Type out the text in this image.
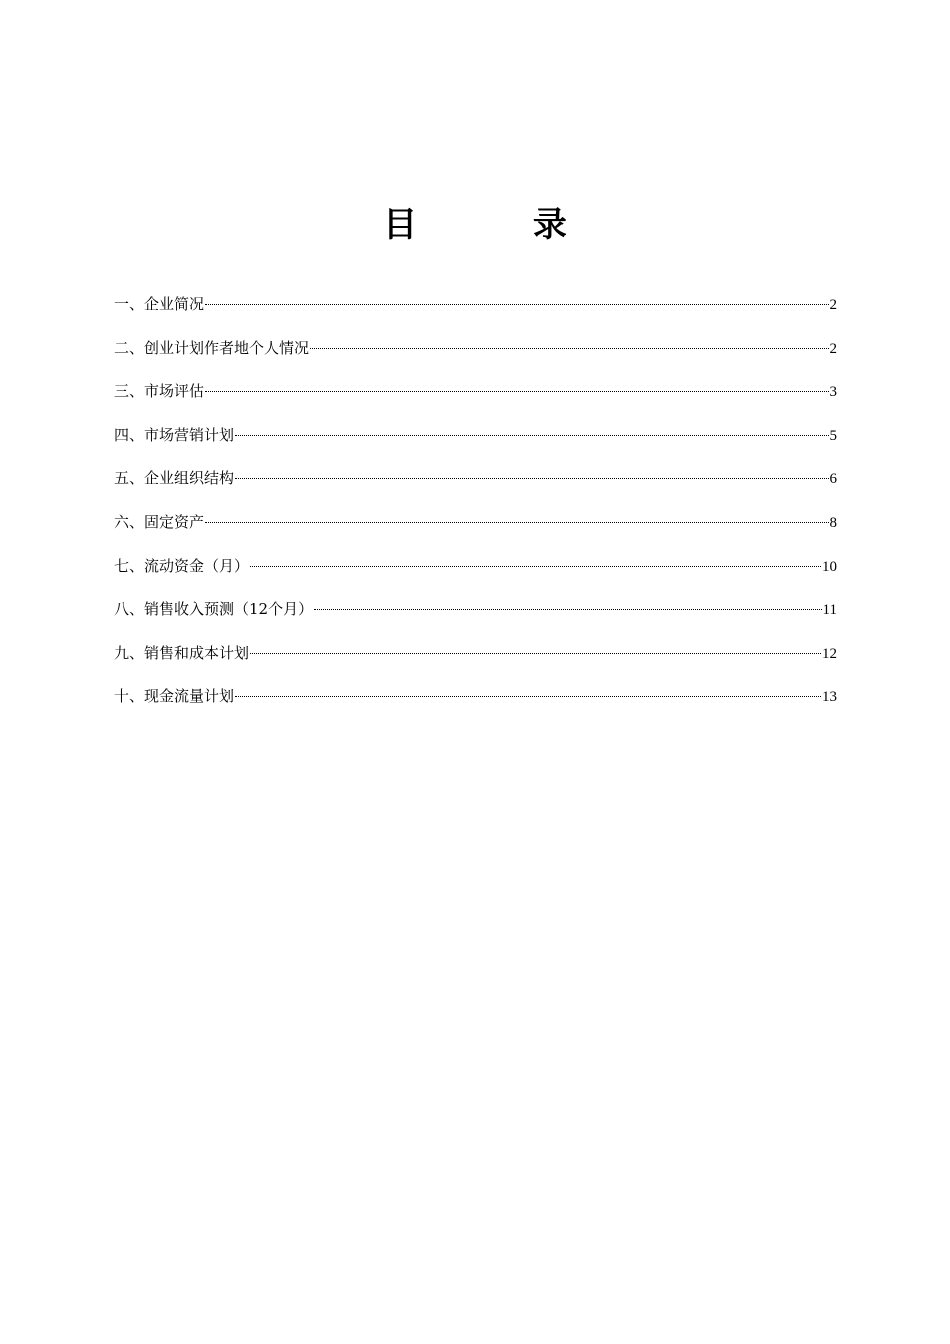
目 录
一、企业简况	2
二、创业计划作者地个人情况	2
三、市场评估	3
四、市场营销计划	5
五、企业组织结构	6
六、固定资产	8
七、流动资金（月）	10
八、销售收入预测（12个月）	11
九、销售和成本计划	12
十、现金流量计划	13
